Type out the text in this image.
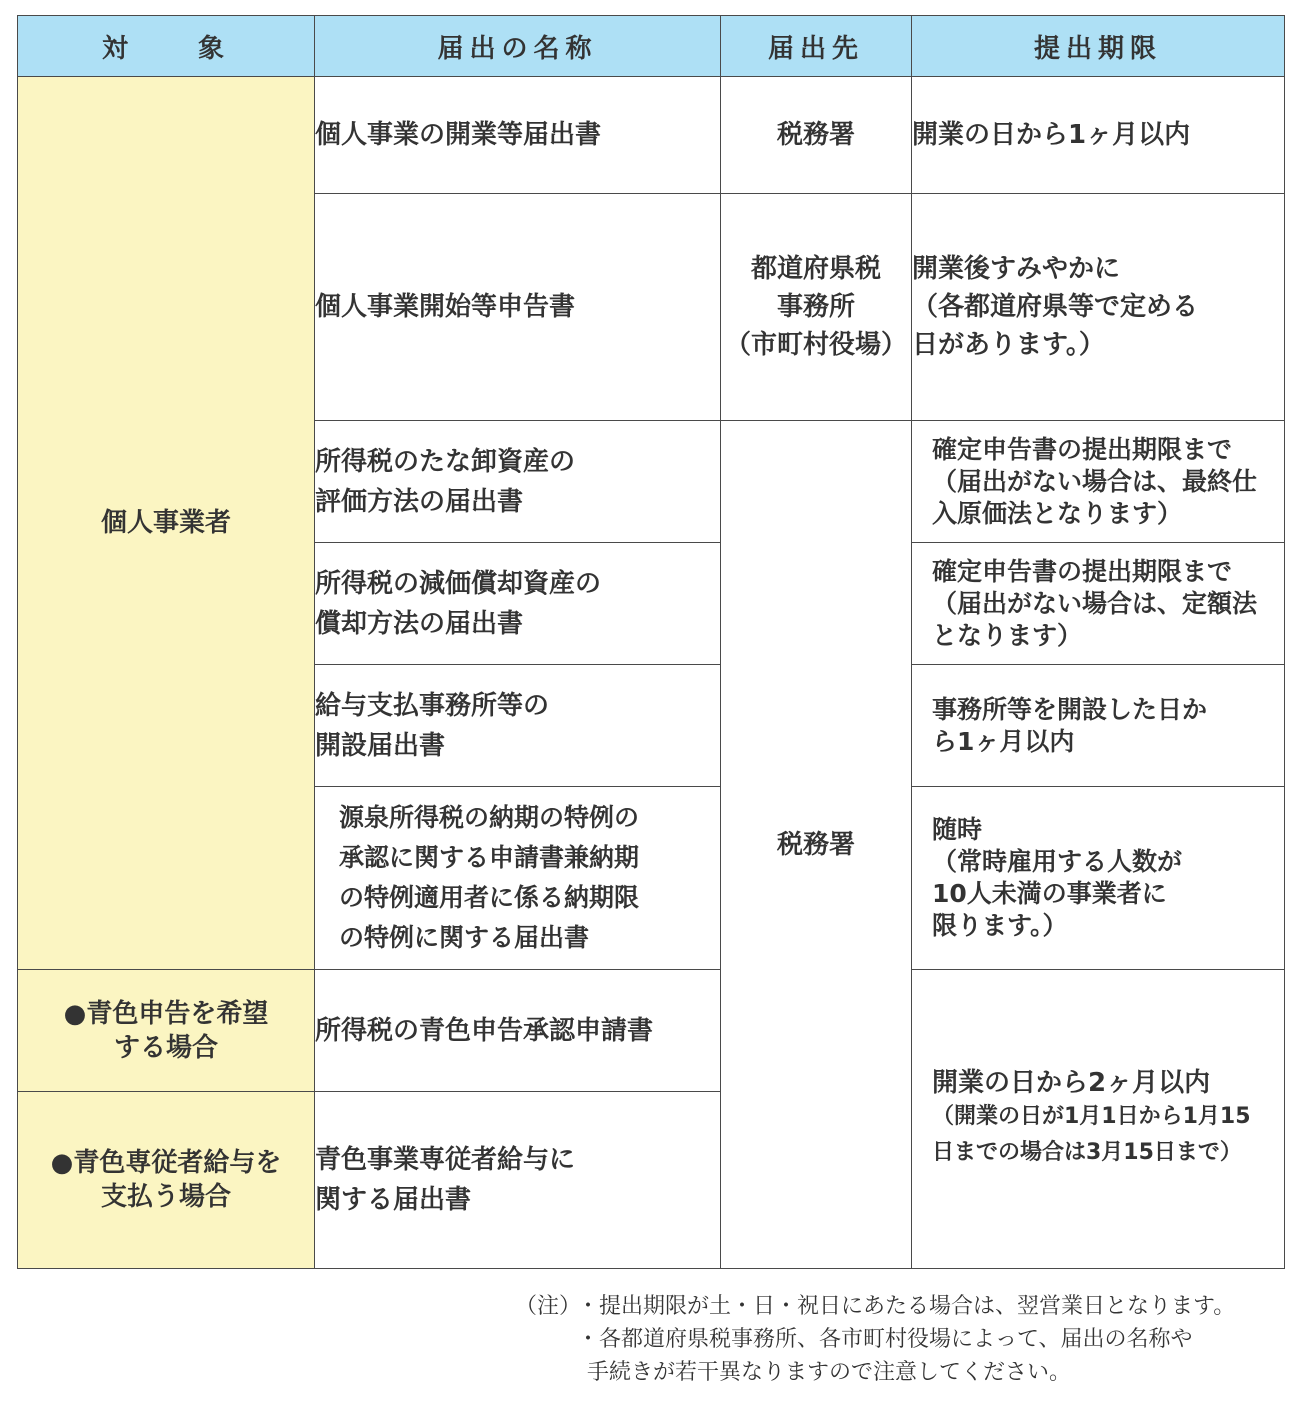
対　　象	届出の名称	届出先	提出期限
個人事業者	個人事業の開業等届出書	税務署	開業の日から1ヶ月以内

	個人事業開始等申告書	都道府県税
事務所
（市町村役場）	開業後すみやかに
（各都道府県等で定める
日があります。）

	所得税のたな卸資産の
評価方法の届出書	税務署	確定申告書の提出期限まで
（届出がない場合は、最終仕
入原価法となります）

	所得税の減価償却資産の
償却方法の届出書		確定申告書の提出期限まで
（届出がない場合は、定額法
となります）

	給与支払事務所等の
開設届出書		事務所等を開設した日か
ら1ヶ月以内

	源泉所得税の納期の特例の
承認に関する申請書兼納期
の特例適用者に係る納期限
の特例に関する届出書		随時
（常時雇用する人数が
10人未満の事業者に
限ります。）

●青色申告を希望
する場合	所得税の青色申告承認申請書		開業の日から2ヶ月以内
（開業の日が1月1日から1月15
日までの場合は3月15日まで）

●青色専従者給与を
支払う場合	青色事業専従者給与に
関する届出書		
（注）・提出期限が土・日・祝日にあたる場合は、翌営業日となります。
・各都道府県税事務所、各市町村役場によって、届出の名称や
手続きが若干異なりますので注意してください。
